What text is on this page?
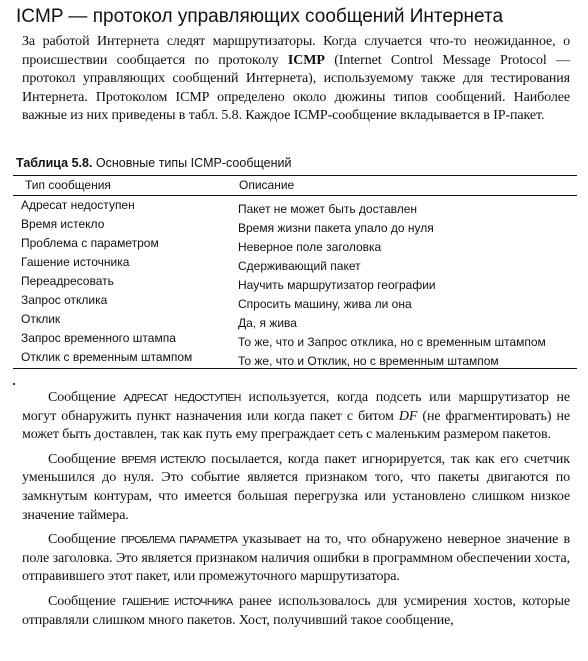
ICMP — протокол управляющих сообщений Интернета
За работой Интернета следят маршрутизаторы. Когда случается что-то неожиданное, о происшествии сообщается по протоколу ICMP (Internet Control Message Protocol — протокол управляющих сообщений Интернета), используемому также для тестирования Интернета. Протоколом ICMP определено около дюжины типов сообщений. Наиболее важные из них приведены в табл. 5.8. Каждое ICMP-сообщение вкладывается в IP-пакет.
Таблица 5.8. Основные типы ICMP-сообщений
Тип сообщения	Описание
Адресат недоступен	Пакет не может быть доставлен
Время истекло	Время жизни пакета упало до нуля
Проблема с параметром	Неверное поле заголовка
Гашение источника	Сдерживающий пакет
Переадресовать	Научить маршрутизатор географии
Запрос отклика	Спросить машину, жива ли она
Отклик	Да, я жива
Запрос временного штампа	То же, что и Запрос отклика, но с временным штампом
Отклик с временным штампом	То же, что и Отклик, но с временным штампом

Сообщение АДРЕСАТ НЕДОСТУПЕН используется, когда подсеть или маршрутизатор не могут обнаружить пункт назначения или когда пакет с битом DF (не фрагментировать) не может быть доставлен, так как путь ему преграждает сеть с маленьким размером пакетов.

Сообщение ВРЕМЯ ИСТЕКЛО посылается, когда пакет игнорируется, так как его счетчик уменьшился до нуля. Это событие является признаком того, что пакеты двигаются по замкнутым контурам, что имеется большая перегрузка или установлено слишком низкое значение таймера.

Сообщение ПРОБЛЕМА ПАРАМЕТРА указывает на то, что обнаружено неверное значение в поле заголовка. Это является признаком наличия ошибки в программном обеспечении хоста, отправившего этот пакет, или промежуточного маршрутизатора.

Сообщение ГАШЕНИЕ ИСТОЧНИКА ранее использовалось для усмирения хостов, которые отправляли слишком много пакетов. Хост, получивший такое сообщение,
